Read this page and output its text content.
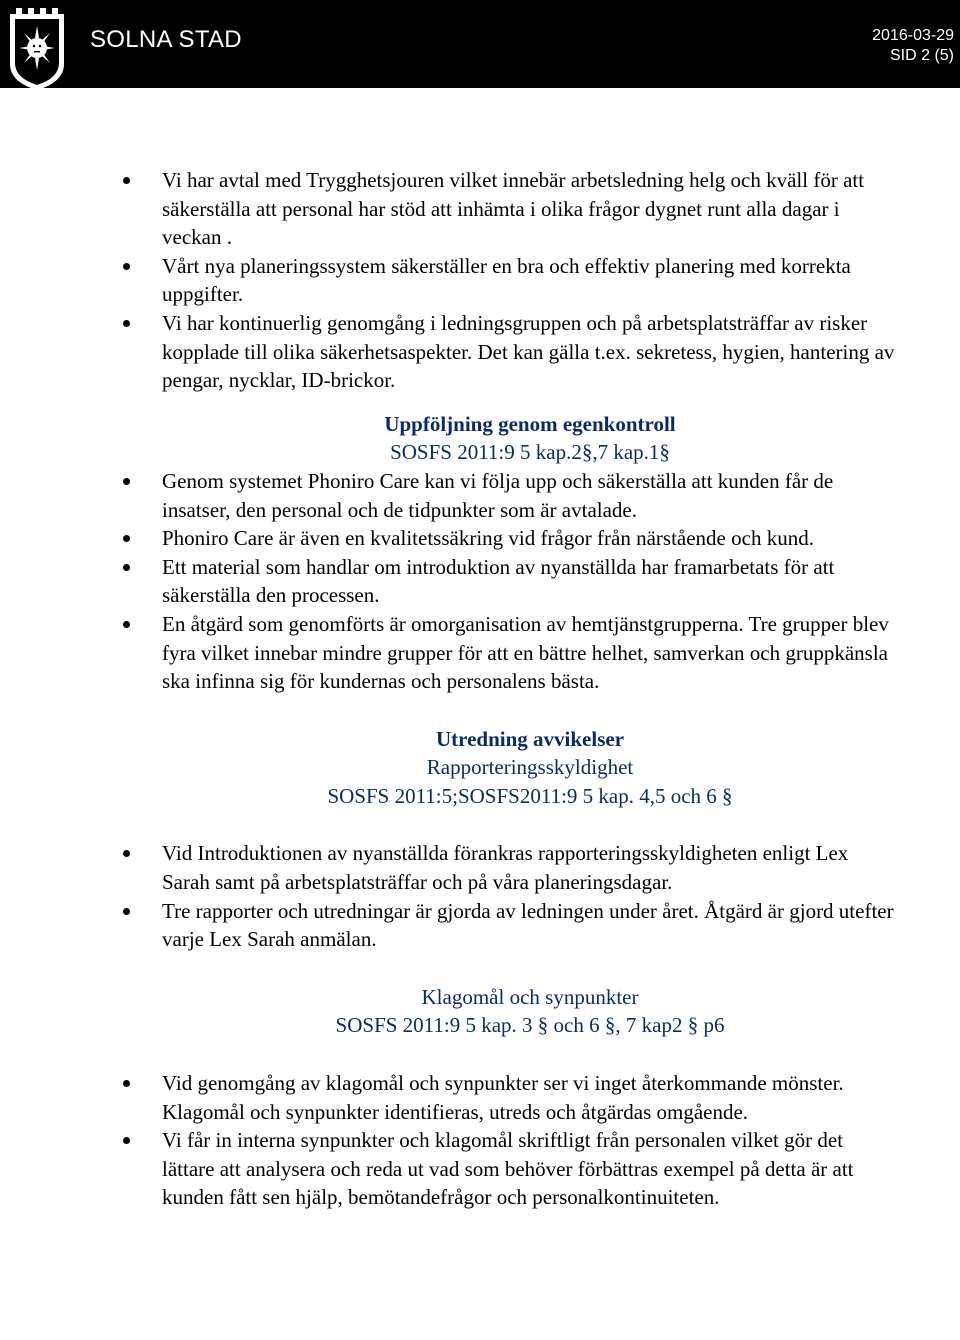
SOLNA STAD	2016-03-29
SID 2 (5)
Vi har avtal med Trygghetsjouren vilket innebär arbetsledning helg och kväll för att säkerställa att personal har stöd att inhämta i olika frågor dygnet runt alla dagar i veckan .
Vårt nya planeringssystem säkerställer en bra och effektiv planering med korrekta uppgifter.
Vi har kontinuerlig genomgång i ledningsgruppen och på arbetsplatsträffar av risker kopplade till olika säkerhetsaspekter. Det kan gälla t.ex. sekretess, hygien, hantering av pengar, nycklar, ID-brickor.
Uppföljning genom egenkontroll
SOSFS 2011:9 5 kap.2§,7 kap.1§
Genom systemet Phoniro Care kan vi följa upp och säkerställa att kunden får de insatser, den personal och de tidpunkter som är avtalade.
Phoniro Care är även en kvalitetssäkring vid frågor från närstående och kund.
Ett material som handlar om introduktion av nyanställda har framarbetats för att säkerställa den processen.
En åtgärd som genomförts är omorganisation av hemtjänstgrupperna. Tre grupper blev fyra vilket innebar mindre grupper för att en bättre helhet, samverkan och gruppkänsla ska infinna sig för kundernas och personalens bästa.
Utredning avvikelser
Rapporteringsskyldighet
SOSFS 2011:5;SOSFS2011:9 5 kap. 4,5 och 6 §
Vid Introduktionen av nyanställda förankras rapporteringsskyldigheten enligt Lex Sarah samt på arbetsplatsträffar och på våra planeringsdagar.
Tre rapporter och utredningar är gjorda av ledningen under året. Åtgärd är gjord utefter varje Lex Sarah anmälan.
Klagomål och synpunkter
SOSFS 2011:9 5 kap. 3 § och 6 §, 7 kap2 § p6
Vid genomgång av klagomål och synpunkter ser vi inget återkommande mönster. Klagomål och synpunkter identifieras, utreds och åtgärdas omgående.
Vi får in interna synpunkter och klagomål skriftligt från personalen vilket gör det lättare att analysera och reda ut vad som behöver förbättras exempel på detta är att kunden fått sen hjälp, bemötandefrågor och personalkontinuiteten.
